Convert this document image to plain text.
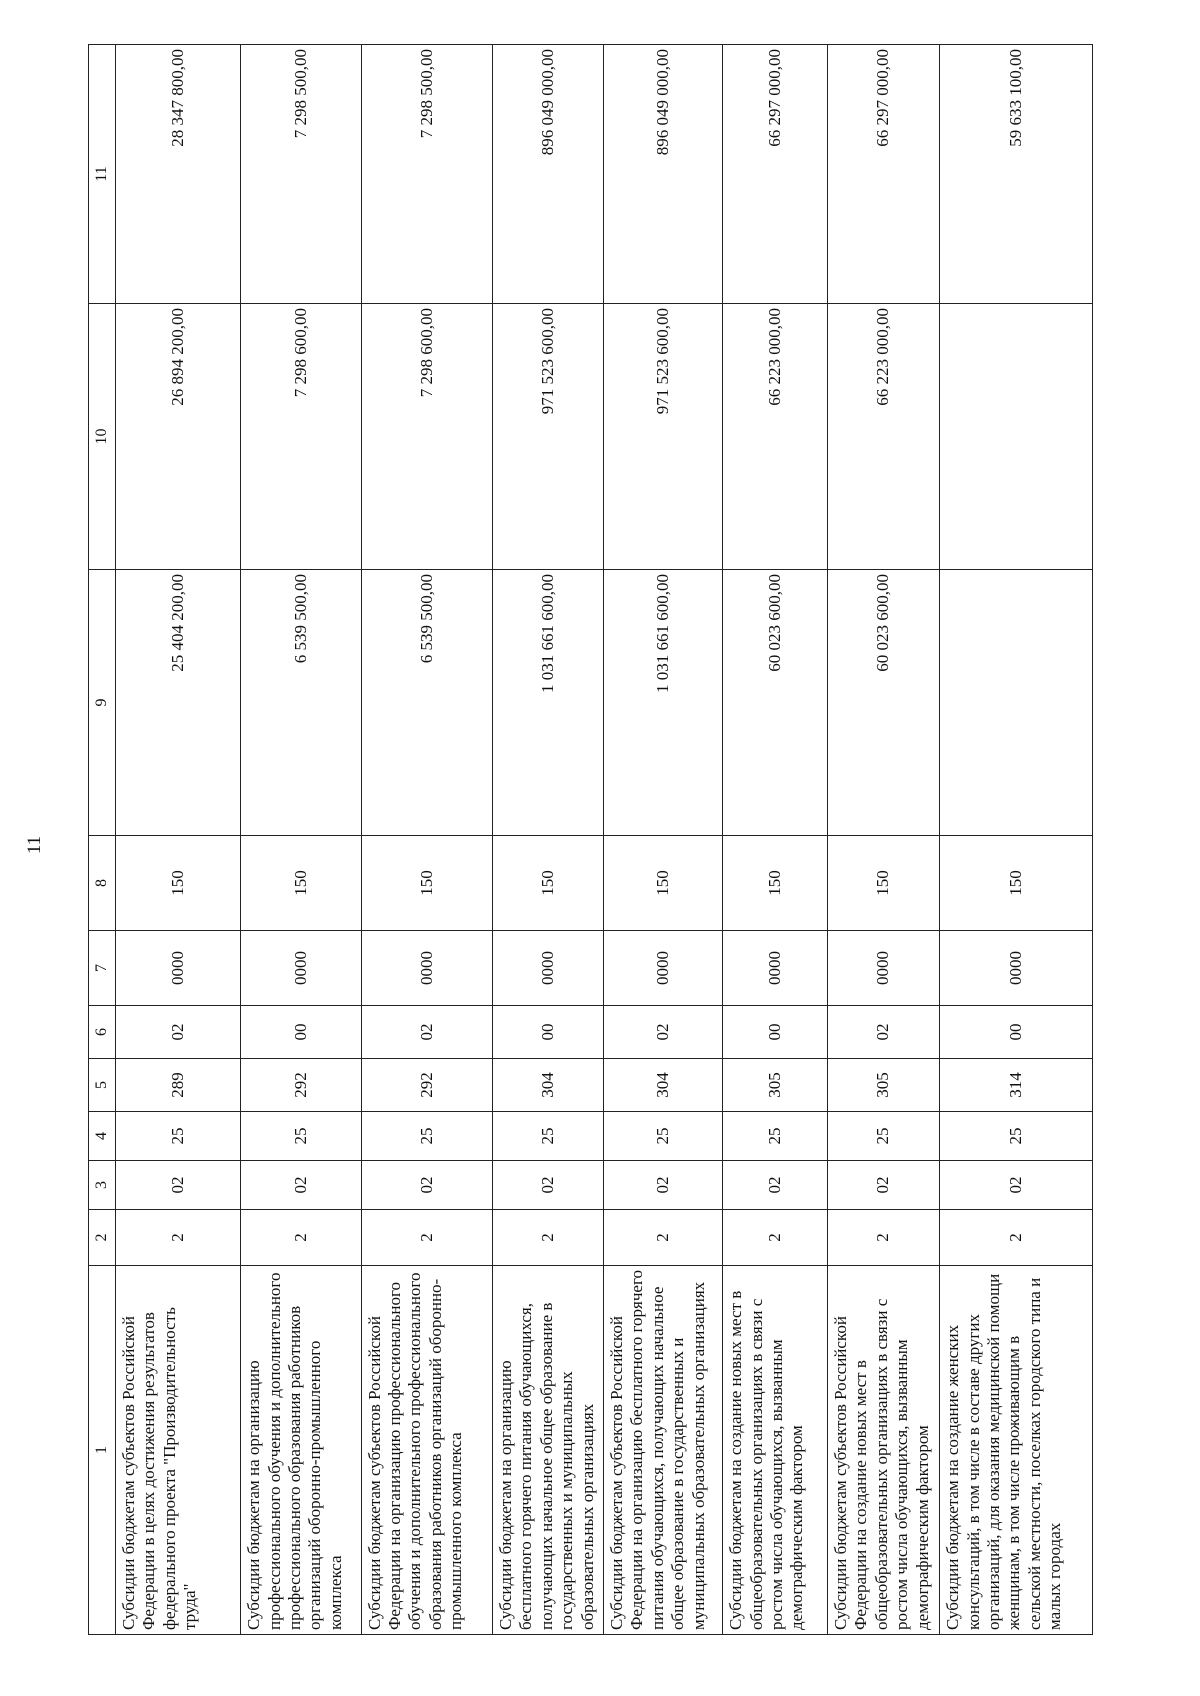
11
1	2	3	4	5	6	7	8	9	10	11
Субсидии бюджетам субъектов Российской Федерации в целях достижения результатов федерального проекта "Производительность труда"	2	02	25	289	02	0000	150	25 404 200,00	26 894 200,00	28 347 800,00
Субсидии бюджетам на организацию профессионального обучения и дополнительного профессионального образования работников организаций оборонно-промышленного комплекса	2	02	25	292	00	0000	150	6 539 500,00	7 298 600,00	7 298 500,00
Субсидии бюджетам субъектов Российской Федерации на организацию профессионального обучения и дополнительного профессионального образования работников организаций оборонно-промышленного комплекса	2	02	25	292	02	0000	150	6 539 500,00	7 298 600,00	7 298 500,00
Субсидии бюджетам на организацию бесплатного горячего питания обучающихся, получающих начальное общее образование в государственных и муниципальных образовательных организациях	2	02	25	304	00	0000	150	1 031 661 600,00	971 523 600,00	896 049 000,00
Субсидии бюджетам субъектов Российской Федерации на организацию бесплатного горячего питания обучающихся, получающих начальное общее образование в государственных и муниципальных образовательных организациях	2	02	25	304	02	0000	150	1 031 661 600,00	971 523 600,00	896 049 000,00
Субсидии бюджетам на создание новых мест в общеобразовательных организациях в связи с ростом числа обучающихся, вызванным демографическим фактором	2	02	25	305	00	0000	150	60 023 600,00	66 223 000,00	66 297 000,00
Субсидии бюджетам субъектов Российской Федерации на создание новых мест в общеобразовательных организациях в связи с ростом числа обучающихся, вызванным демографическим фактором	2	02	25	305	02	0000	150	60 023 600,00	66 223 000,00	66 297 000,00
Субсидии бюджетам на создание женских консультаций, в том числе в составе других организаций, для оказания медицинской помощи женщинам, в том числе проживающим в сельской местности, поселках городского типа и малых городах	2	02	25	314	00	0000	150			59 633 100,00
